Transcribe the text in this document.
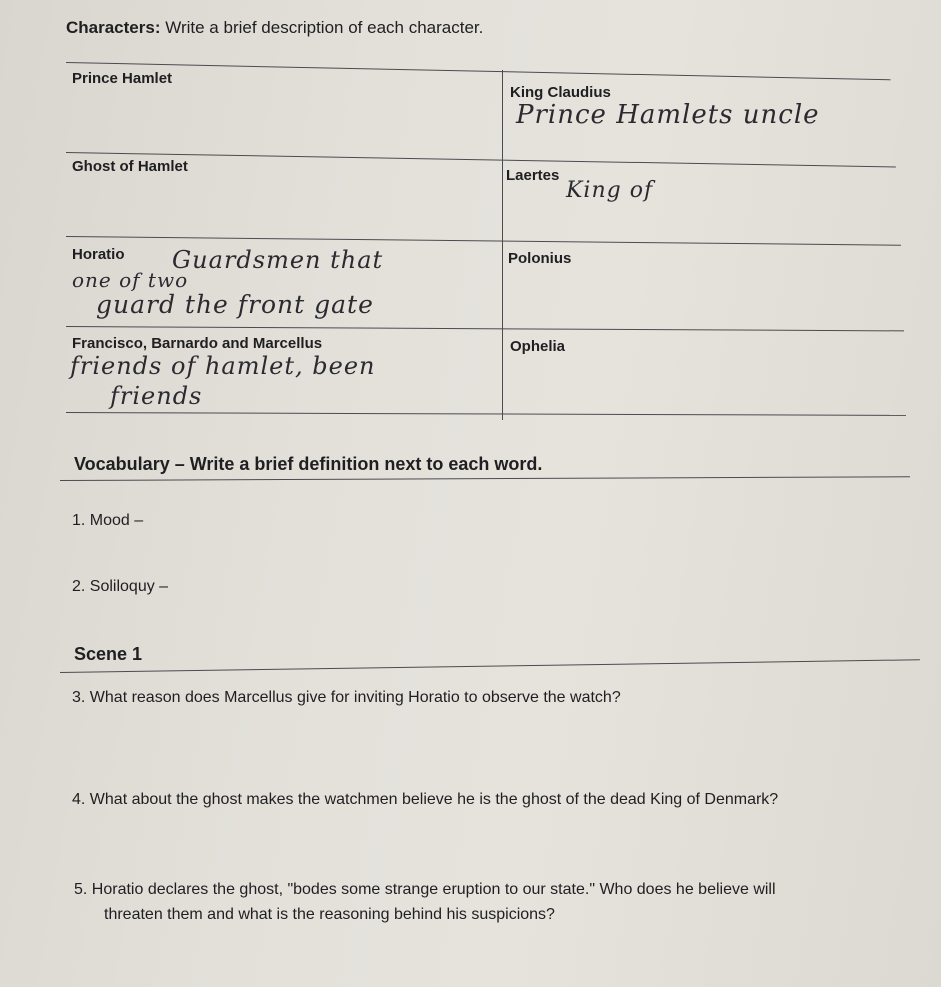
Characters: Write a brief description of each character.
Prince Hamlet
King Claudius
Prince Hamlets uncle
Ghost of Hamlet
Laertes
King of
Horatio Guardsmen that
one of two
guard the front gate
Polonius
Francisco, Barnardo and Marcellus
friends of hamlet, been
friends
Ophelia
Vocabulary – Write a brief definition next to each word.
1. Mood –
2. Soliloquy –
Scene 1
3. What reason does Marcellus give for inviting Horatio to observe the watch?
4. What about the ghost makes the watchmen believe he is the ghost of the dead King of Denmark?
5. Horatio declares the ghost, "bodes some strange eruption to our state." Who does he believe will
threaten them and what is the reasoning behind his suspicions?
